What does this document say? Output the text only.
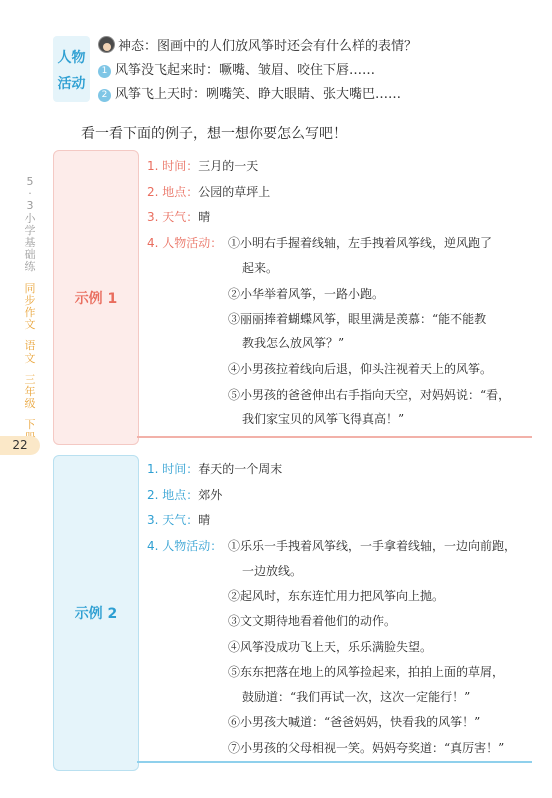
5
·
3
小
学
基
础
练
同
步
作
文
语
文
三
年
级
下
22
人物
活动
神态：图画中的人们放风筝时还会有什么样的表情？
1 风筝没飞起来时：噘嘴、皱眉、咬住下唇……
2 风筝飞上天时：咧嘴笑、睁大眼睛、张大嘴巴……
看一看下面的例子，想一想你要怎么写吧！
示例 1
1. 时间：三月的一天
2. 地点：公园的草坪上
3. 天气：晴
4. 人物活动： ①小明右手握着线轴，左手拽着风筝线，逆风跑了
起来。
②小华举着风筝，一路小跑。
③丽丽捧着蝴蝶风筝，眼里满是羡慕：“能不能教
教我怎么放风筝？”
④小男孩拉着线向后退，仰头注视着天上的风筝。
⑤小男孩的爸爸伸出右手指向天空，对妈妈说：“看，
我们家宝贝的风筝飞得真高！”
示例 2
1. 时间：春天的一个周末
2. 地点：郊外
3. 天气：晴
4. 人物活动： ①乐乐一手拽着风筝线，一手拿着线轴，一边向前跑，
一边放线。
②起风时，东东连忙用力把风筝向上抛。
③文文期待地看着他们的动作。
④风筝没成功飞上天，乐乐满脸失望。
⑤东东把落在地上的风筝捡起来，拍拍上面的草屑，
鼓励道：“我们再试一次，这次一定能行！”
⑥小男孩大喊道：“爸爸妈妈，快看我的风筝！”
⑦小男孩的父母相视一笑。妈妈夸奖道：“真厉害！”
